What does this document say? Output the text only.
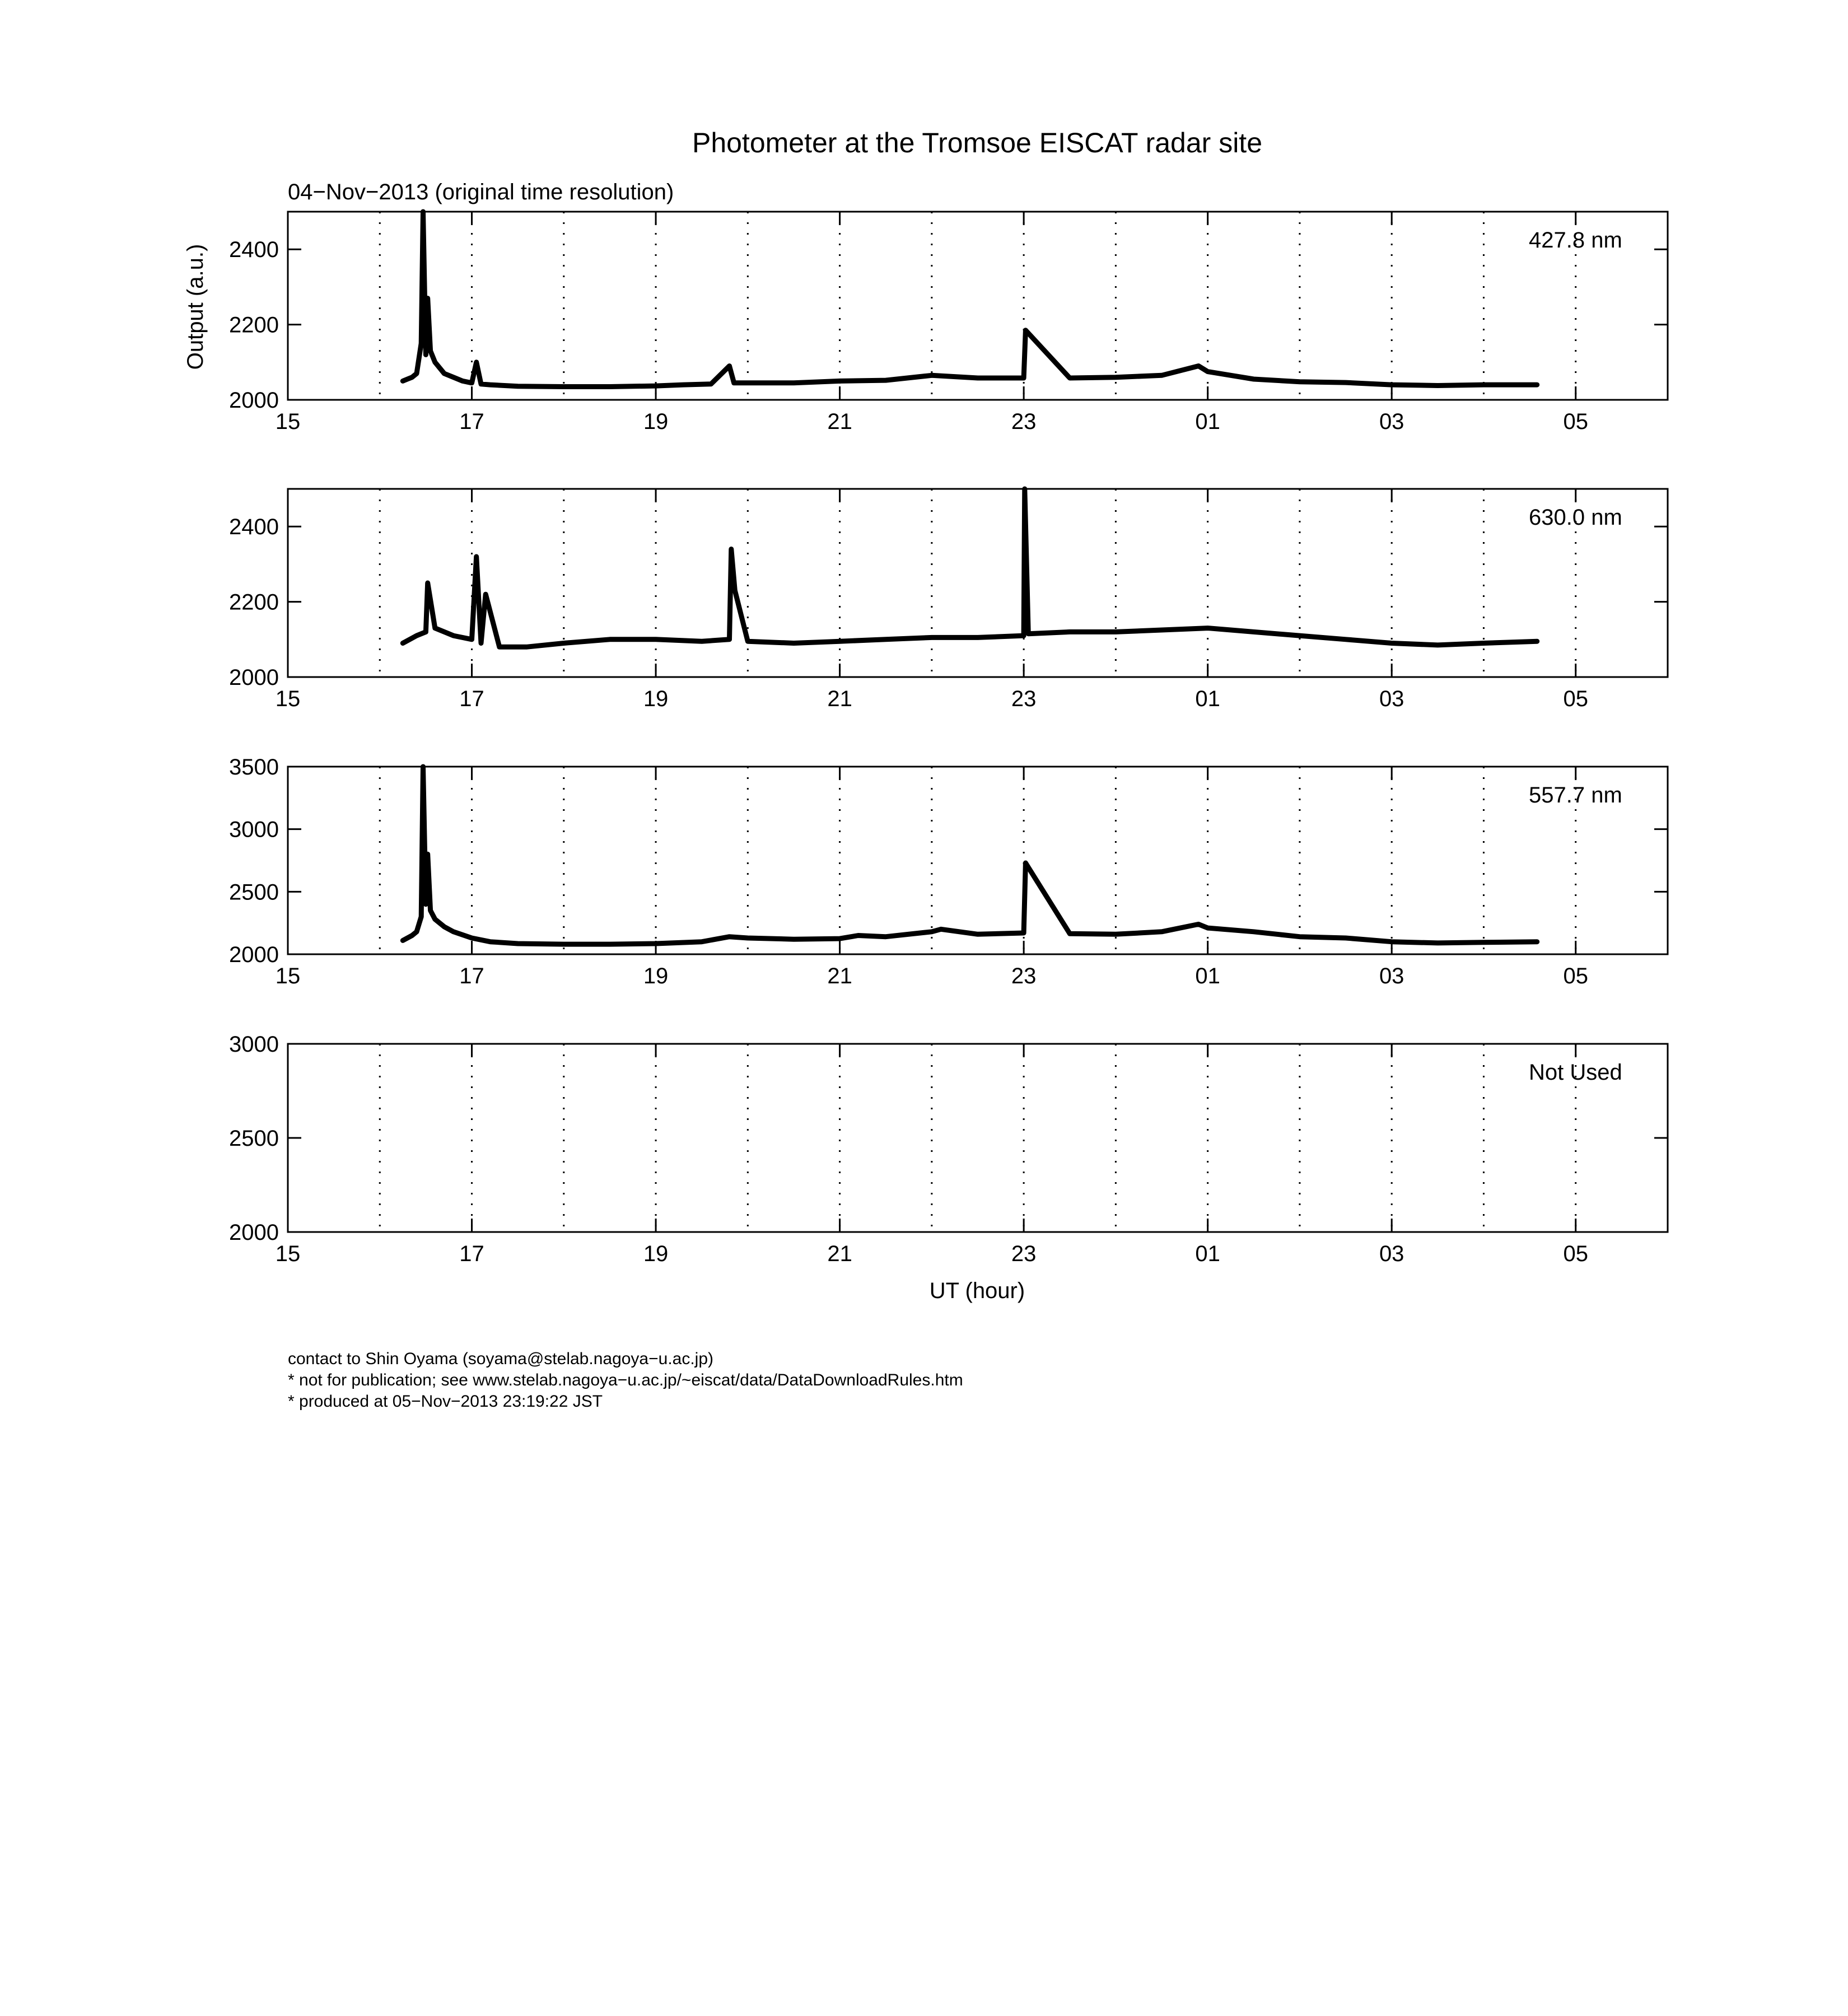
Photometer at the Tromsoe EISCAT radar site
04−Nov−2013 (original time resolution)
Output (a.u.)
UT (hour)
2000
2200
2400
15	17	19	21	23	01	03	05
427.8 nm
2000
2200
2400
15	17	19	21	23	01	03	05
630.0 nm
2000
2500
3000
3500
15	17	19	21	23	01	03	05
557.7 nm
2000
2500
3000
15	17	19	21	23	01	03	05
Not Used
contact to Shin Oyama (soyama@stelab.nagoya−u.ac.jp)
* not for publication; see www.stelab.nagoya−u.ac.jp/~eiscat/data/DataDownloadRules.htm
* produced at 05−Nov−2013 23:19:22 JST
